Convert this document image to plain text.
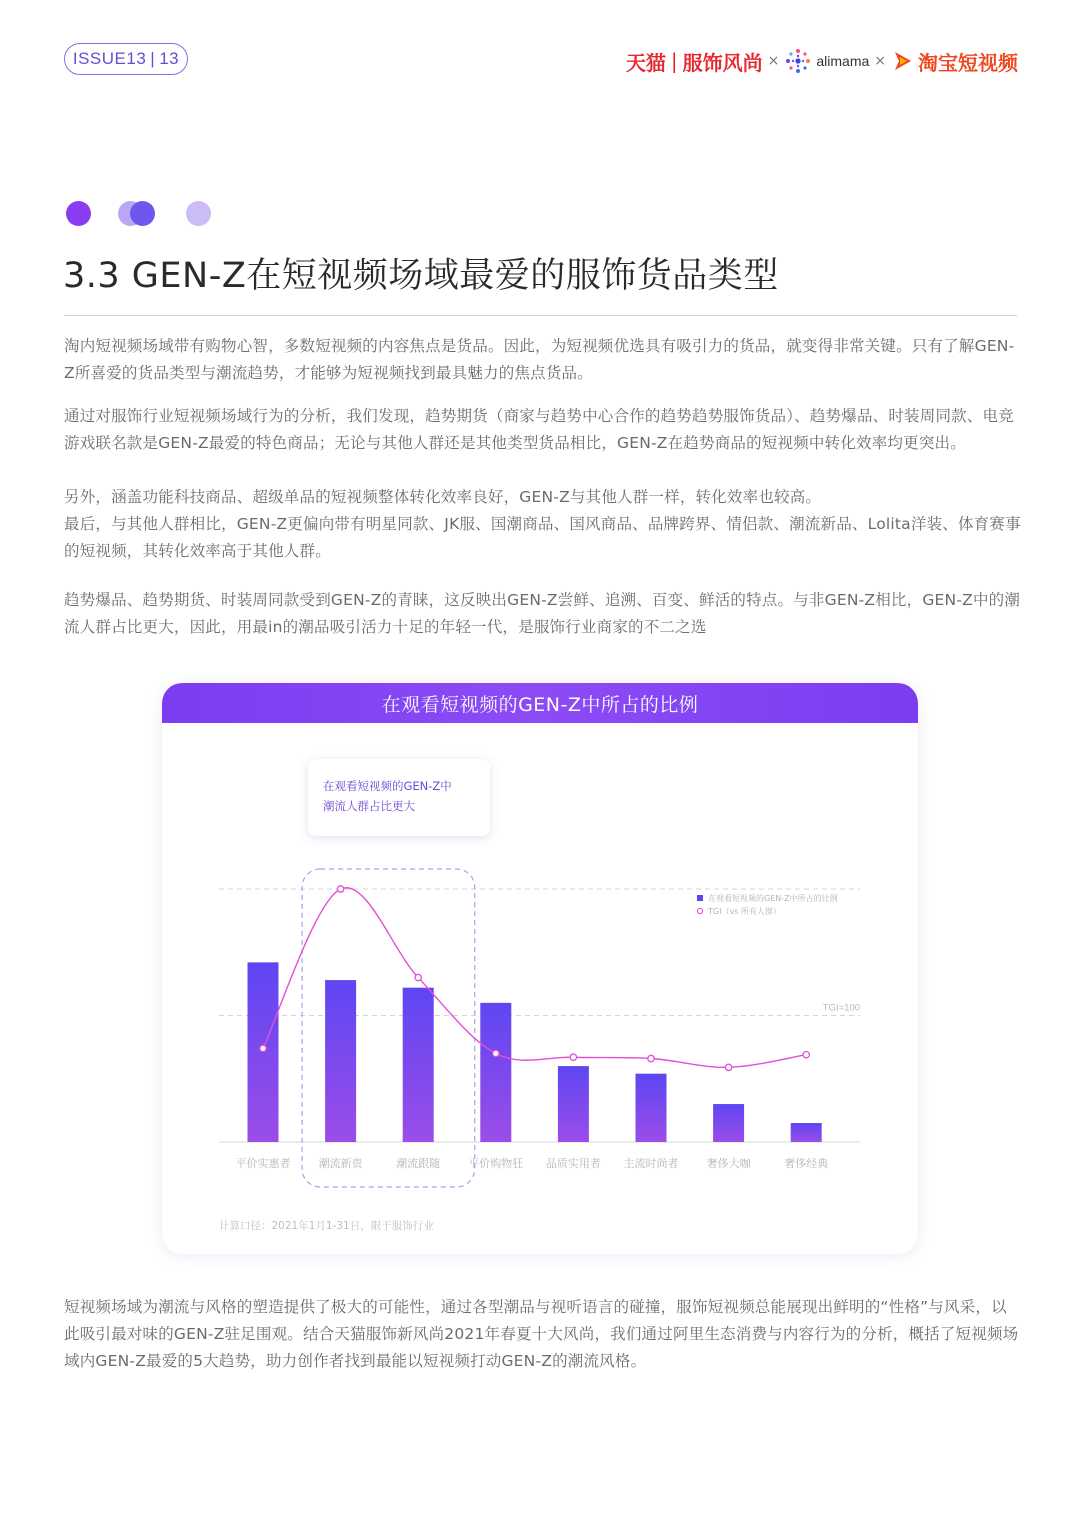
ISSUE13 | 13	天猫 | 服饰风尚 ×	alimama × 淘宝短视频
3.3 GEN-Z在短视频场域最爱的服饰货品类型

淘内短视频场域带有购物心智，多数短视频的内容焦点是货品。因此，为短视频优选具有吸引力的货品，就变得非常关键。只有了解GEN-Z所喜爱的货品类型与潮流趋势，才能够为短视频找到最具魅力的焦点货品。

通过对服饰行业短视频场域行为的分析，我们发现，趋势期货（商家与趋势中心合作的趋势趋势服饰货品）、趋势爆品、时装周同款、电竞游戏联名款是GEN-Z最爱的特色商品；无论与其他人群还是其他类型货品相比，GEN-Z在趋势商品的短视频中转化效率均更突出。

另外，涵盖功能科技商品、超级单品的短视频整体转化效率良好，GEN-Z与其他人群一样，转化效率也较高。

最后，与其他人群相比，GEN-Z更偏向带有明星同款、JK服、国潮商品、国风商品、品牌跨界、情侣款、潮流新品、Lolita洋装、体育赛事的短视频，其转化效率高于其他人群。

趋势爆品、趋势期货、时装周同款受到GEN-Z的青睐，这反映出GEN-Z尝鲜、追溯、百变、鲜活的特点。与非GEN-Z相比，GEN-Z中的潮流人群占比更大，因此，用最in的潮品吸引活力十足的年轻一代，是服饰行业商家的不二之选

在观看短视频的GEN-Z中所占的比例
TGI=100
平价实惠者	潮流新贵	潮流跟随	平价购物狂 品质实用者 主流时尚者	奢侈大咖	奢侈经典
在观看短视频的GEN-Z中所占的比例
TGI（vs 所有人群）
在观看短视频的GEN-Z中
潮流人群占比更大
计算口径：2021年1月1-31日，限于服饰行业

短视频场域为潮流与风格的塑造提供了极大的可能性，通过各型潮品与视听语言的碰撞，服饰短视频总能展现出鲜明的“性格”与风采，以此吸引最对味的GEN-Z驻足围观。结合天猫服饰新风尚2021年春夏十大风尚，我们通过阿里生态消费与内容行为的分析，概括了短视频场域内GEN-Z最爱的5大趋势，助力创作者找到最能以短视频打动GEN-Z的潮流风格。
